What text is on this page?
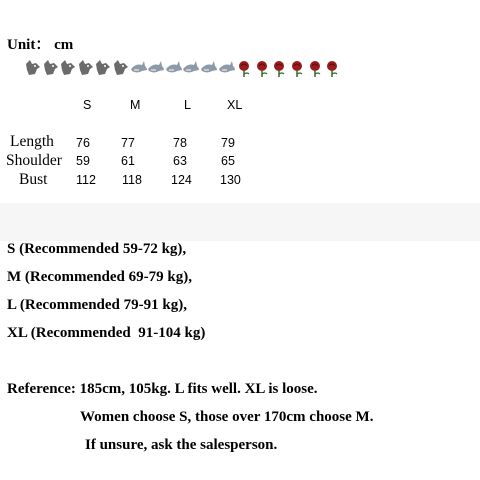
Unit： cm
S	M	L	XL
Length 76 77	78	79
Shoulder 59 61	63	65
Bust 112 118 124 130
S (Recommended 59-72 kg),
M (Recommended 69-79 kg),
L (Recommended 79-91 kg),
XL (Recommended  91-104 kg)
Reference: 185cm, 105kg. L fits well. XL is loose.
Women choose S, those over 170cm choose M.
If unsure, ask the salesperson.
